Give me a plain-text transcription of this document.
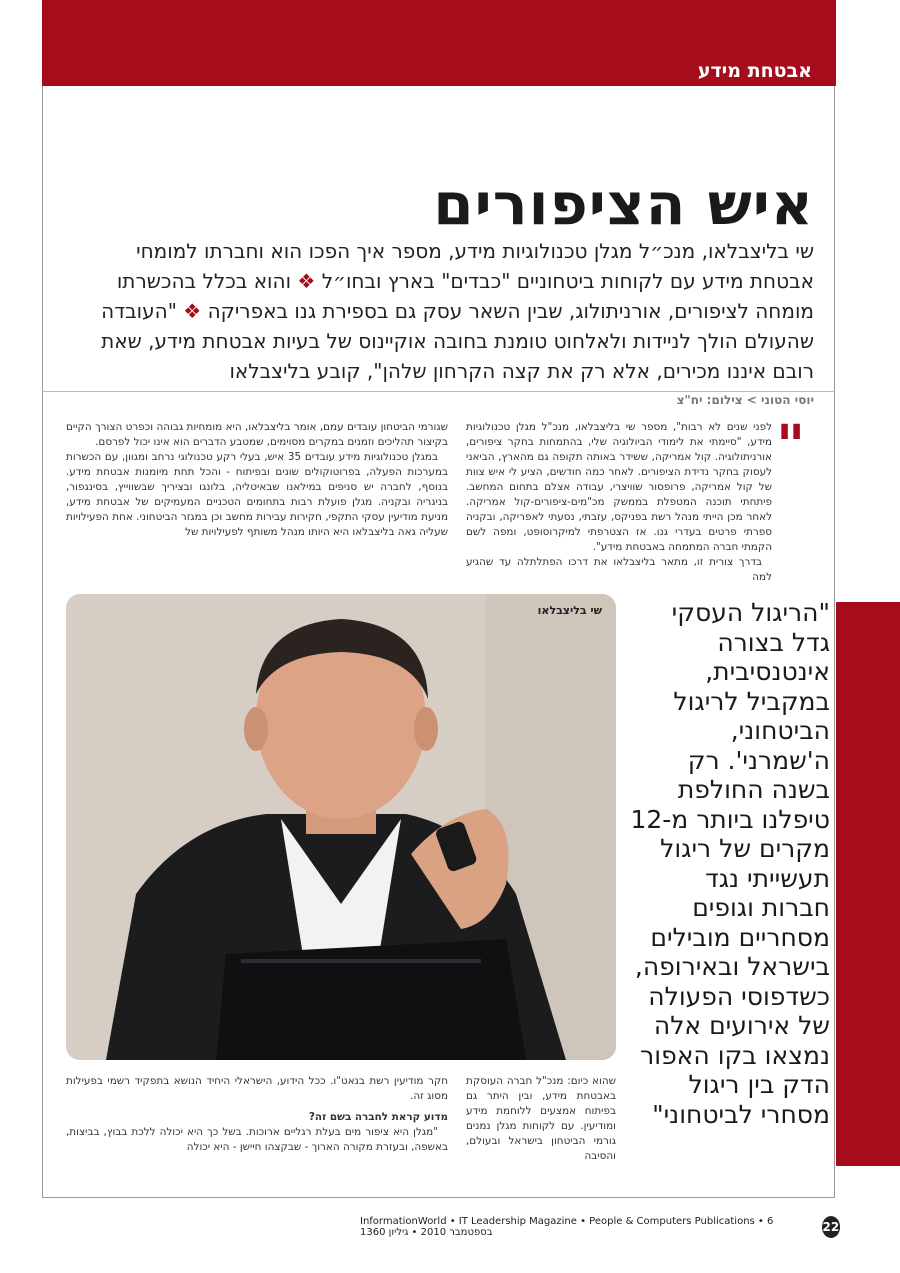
אבטחת מידע
איש הציפורים
שי בליצבלאו, מנכ״ל מגלן טכנולוגיות מידע, מספר איך הפכו הוא וחברתו למומחי אבטחת מידע עם לקוחות ביטחוניים "כבדים" בארץ ובחו״ל ❖ והוא בכלל בהכשרתו מומחה לציפורים, אורניתולוג, שבין השאר עסק גם בספירת גנו באפריקה ❖ "העובדה שהעולם הולך לניידות ולאלחוט טומנת בחובה אוקיינוס של בעיות אבטחת מידע, שאת רובם איננו מכירים, אלא רק את קצה הקרחון שלהן", קובע בליצבלאו
יוסי הטוני > צילום: יח"צ
"

לפני שנים לא רבות", מספר שי בליצבלאו, מנכ"ל מגלן טכנולוגיות מידע, "סיימתי את לימודי הביולוגיה שלי, בהתמחות בחקר ציפורים, אורניתולוגיה. קול אמריקה, ששידר באותה תקופה גם מהארץ, הביאני לעסוק בחקר נדידת הציפורים. לאחר כמה חודשים, הציע לי איש צוות של קול אמריקה, פרופסור שוויצרי, עבודה אצלם בתחום המחשב. פיתחתי תוכנה המטפלת בממשק מכ"מים-ציפורים-קול אמריקה. לאחר מכן הייתי מנהל רשת בפניקס, עזבתי, נסעתי לאפריקה, ובקניה ספרתי פרטים בעדרי גנו. אז הצטרפתי למיקרוסופט, ומפה לשם הקמתי חברה המתמחה באבטחת מידע".

בדרך צורית זו, מתאר בליצבלאו את דרכו הפתלתלה עד שהגיע למה

שגורמי הביטחון עובדים עמם, אומר בליצבלאו, היא מומחיות גבוהה וכפרט הצורך הקיים בקיצור תהליכים וזמנים במקרים מסוימים, שמטבע הדברים הוא אינו יכול לפרסם.

במגלן טכנולוגיות מידע עובדים 35 איש, בעלי רקע טכנולוגי נרחב ומגוון, עם הכשרות במערכות הפעלה, בפרוטוקולים שונים ובפיתוח - והכל תחת מיומנות אבטחת מידע. בנוסף, לחברה יש סניפים במילאנו שבאיטליה, בלונגו ובציריך שבשווייץ, בסינגפור, בניגריה ובקניה. מגלן פועלת רבות בתחומים הטכניים המעמיקים של אבטחת מידע, מניעת מודיעין עסקי התקפי, חקירות עבירות מחשב וכן במגזר הביטחוני. אחת הפעילויות שעליה גאה בליצבלאו היא היותו מנהל משותף לפעילויות של

שי בליצבלאו	"הריגול העסקי גדל בצורה אינטנסיבית, במקביל לריגול הביטחוני, ה'שמרני'. רק בשנה החולפת טיפלנו ביותר מ-12 מקרים של ריגול תעשייתי נגד חברות וגופים מסחריים מובילים בישראל ובאירופה, כשדפוסי הפעולה של אירועים אלה נמצאו בקו האפור הדק בין ריגול מסחרי לביטחוני"

שהוא כיום: מנכ"ל חברה העוסקת באבטחת מידע, ובין היתר גם בפיתוח אמצעים ללוחמת מידע ומודיעין. עם לקוחות מגלן נמנים גורמי הביטחון בישראל ובעולם, והסיבה

חקר מודיעין רשת בנאט"ו. ככל הידוע, הישראלי היחיד הנושא בתפקיד רשמי בפעילות מסוג זה.

מדוע קראת לחברה בשם זה?

"מגלן היא ציפור מים בעלת רגליים ארוכות. בשל כך היא יכולה ללכת בבוץ, בביצות, באשפה, ובעזרת מקורה הארוך - שבקצהו חיישן - היא יכולה

InformationWorld • IT Leadership Magazine • People & Computers Publications • 6 בספטמבר 2010 • גיליון 1360	22
